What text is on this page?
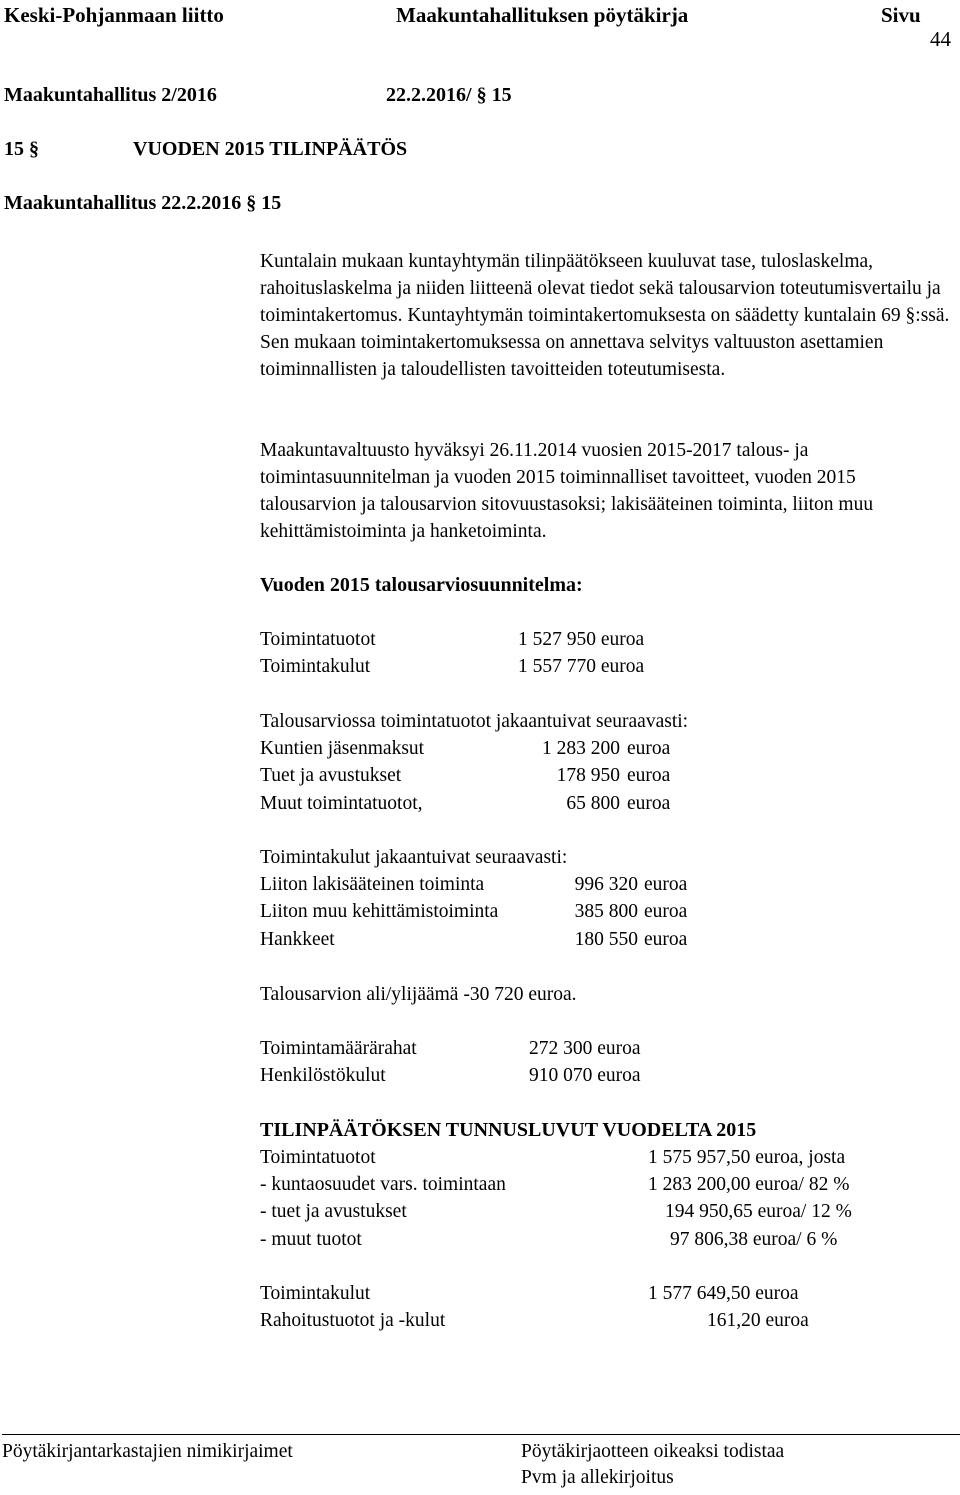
Keski-Pohjanmaan liitto	Maakuntahallituksen pöytäkirja	Sivu
44
Maakuntahallitus 2/2016	22.2.2016/ § 15
15 §	VUODEN 2015 TILINPÄÄTÖS
Maakuntahallitus 22.2.2016 § 15

Kuntalain mukaan kuntayhtymän tilinpäätökseen kuuluvat tase, tuloslaskelma, rahoituslaskelma ja niiden liitteenä olevat tiedot sekä talousarvion toteutumisvertailu ja toimintakertomus. Kuntayhtymän toimintakertomuksesta on säädetty kuntalain 69 §:ssä. Sen mukaan toimintakertomuksessa on annettava selvitys valtuuston asettamien toiminnallisten ja taloudellisten tavoitteiden toteutumisesta.

Maakuntavaltuusto hyväksyi 26.11.2014 vuosien 2015-2017 talous- ja toimintasuunnitelman ja vuoden 2015 toiminnalliset tavoitteet, vuoden 2015 talousarvion ja talousarvion sitovuustasoksi; lakisääteinen toiminta, liiton muu kehittämistoiminta ja hanketoiminta.

Vuoden 2015 talousarviosuunnitelma:
Toimintatuotot	1 527 950 euroa
Toimintakulut	1 557 770 euroa
Talousarviossa toimintatuotot jakaantuivat seuraavasti:
Kuntien jäsenmaksut	1 283 200 euroa
Tuet ja avustukset	178 950 euroa
Muut toimintatuotot,	65 800 euroa
Toimintakulut jakaantuivat seuraavasti:
Liiton lakisääteinen toiminta	996 320 euroa
Liiton muu kehittämistoiminta	385 800 euroa
Hankkeet	180 550 euroa
Talousarvion ali/ylijäämä -30 720 euroa.
Toimintamäärärahat	272 300 euroa
Henkilöstökulut	910 070 euroa
TILINPÄÄTÖKSEN TUNNUSLUVUT VUODELTA 2015
Toimintatuotot	1 575 957,50 euroa, josta
- kuntaosuudet vars. toimintaan	1 283 200,00 euroa/ 82 %
- tuet ja avustukset	194 950,65 euroa/ 12 %
- muut tuotot	97 806,38 euroa/ 6 %
Toimintakulut	1 577 649,50 euroa
Rahoitustuotot ja -kulut	161,20 euroa
Pöytäkirjantarkastajien nimikirjaimet	Pöytäkirjaotteen oikeaksi todistaa
Pvm ja allekirjoitus
